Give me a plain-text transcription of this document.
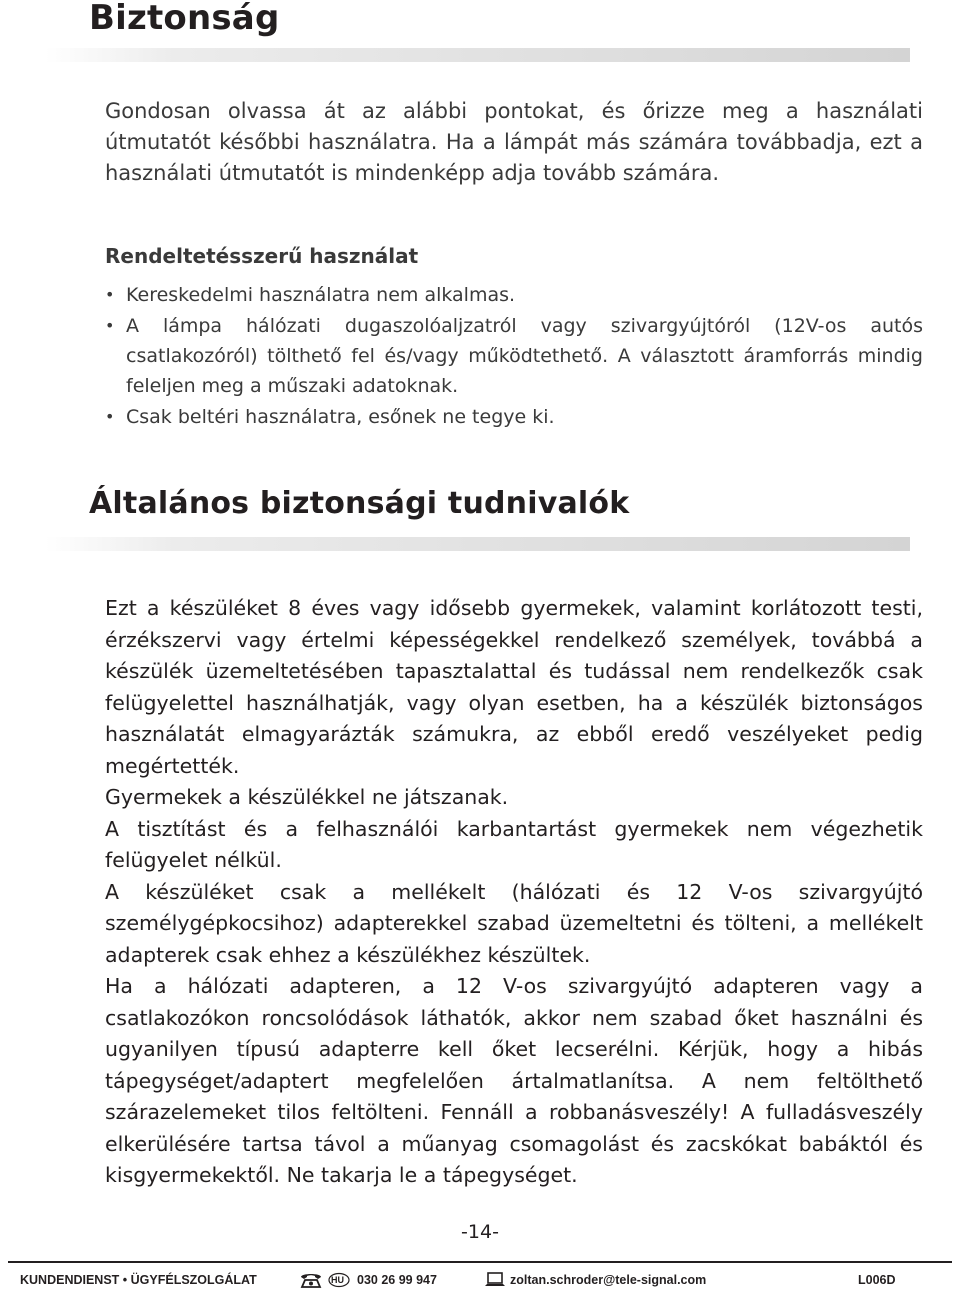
Biztonság

Gondosan olvassa át az alábbi pontokat, és őrizze meg a használati útmutatót későbbi használatra. Ha a lámpát más számára továbbadja, ezt a használati útmutatót is mindenképp adja tovább számára.

Rendeltetésszerű használat
• Kereskedelmi használatra nem alkalmas.
• A lámpa hálózati dugaszolóaljzatról vagy szivargyújtóról (12V-os autós csatlakozóról) tölthető fel és/vagy működtethető. A választott áramforrás mindig feleljen meg a műszaki adatoknak.
• Csak beltéri használatra, esőnek ne tegye ki.
Általános biztonsági tudnivalók

Ezt a készüléket 8 éves vagy idősebb gyermekek, valamint korlátozott testi, érzékszervi vagy értelmi képességekkel rendelkező személyek, továbbá a készülék üzemeltetésében tapasztalattal és tudással nem rendelkezők csak felügyelettel használhatják, vagy olyan esetben, ha a készülék biztonságos használatát elmagyarázták számukra, az ebből eredő veszélyeket pedig megértették.

Gyermekek a készülékkel ne játszanak.

A tisztítást és a felhasználói karbantartást gyermekek nem végezhetik felügyelet nélkül.

A készüléket csak a mellékelt (hálózati és 12 V-os szivargyújtó személygépkocsihoz) adapterekkel szabad üzemeltetni és tölteni, a mellékelt adapterek csak ehhez a készülékhez készültek.

Ha a hálózati adapteren, a 12 V-os szivargyújtó adapteren vagy a csatlakozókon roncsolódások láthatók, akkor nem szabad őket használni és ugyanilyen típusú adapterre kell őket lecserélni. Kérjük, hogy a hibás tápegységet/adaptert megfelelően ártalmatlanítsa. A nem feltölthető szárazelemeket tilos feltölteni. Fennáll a robbanásveszély! A fulladásveszély elkerülésére tartsa távol a műanyag csomagolást és zacskókat babáktól és kisgyermekektől. Ne takarja le a tápegységet.

-14-
KUNDENDIENST • ÜGYFÉLSZOLGÁLAT	HU 030 26 99 947	zoltan.schroder@tele-signal.com	L006D
